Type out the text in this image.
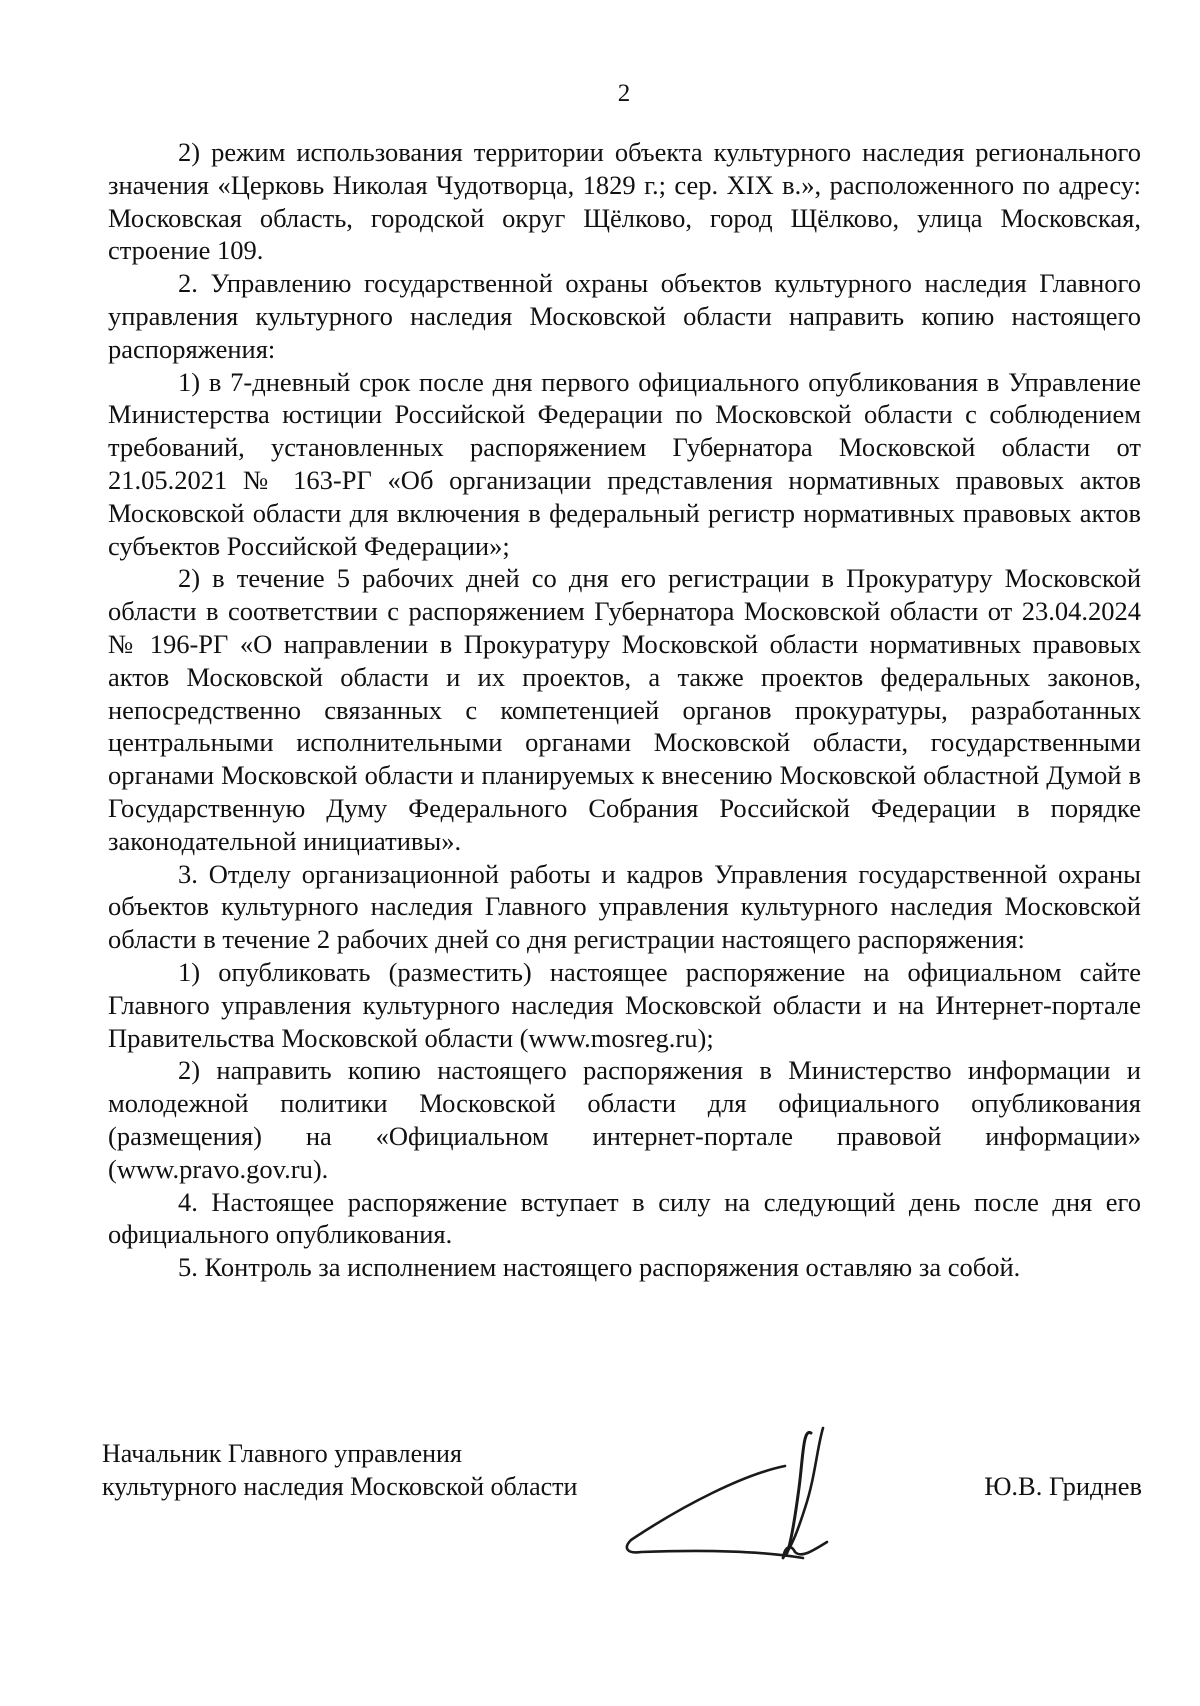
2

2) режим использования территории объекта культурного наследия регионального значения «Церковь Николая Чудотворца, 1829 г.; сер. XIX в.», расположенного по адресу: Московская область, городской округ Щёлково, город Щёлково, улица Московская, строение 109.

2. Управлению государственной охраны объектов культурного наследия Главного управления культурного наследия Московской области направить копию настоящего распоряжения:

1) в 7-дневный срок после дня первого официального опубликования в Управление Министерства юстиции Российской Федерации по Московской области с соблюдением требований, установленных распоряжением Губернатора Московской области от 21.05.2021 № 163-РГ «Об организации представления нормативных правовых актов Московской области для включения в федеральный регистр нормативных правовых актов субъектов Российской Федерации»;

2) в течение 5 рабочих дней со дня его регистрации в Прокуратуру Московской области в соответствии с распоряжением Губернатора Московской области от 23.04.2024 № 196-РГ «О направлении в Прокуратуру Московской области нормативных правовых актов Московской области и их проектов, а также проектов федеральных законов, непосредственно связанных с компетенцией органов прокуратуры, разработанных центральными исполнительными органами Московской области, государственными органами Московской области и планируемых к внесению Московской областной Думой в Государственную Думу Федерального Собрания Российской Федерации в порядке законодательной инициативы».

3. Отделу организационной работы и кадров Управления государственной охраны объектов культурного наследия Главного управления культурного наследия Московской области в течение 2 рабочих дней со дня регистрации настоящего распоряжения:

1) опубликовать (разместить) настоящее распоряжение на официальном сайте Главного управления культурного наследия Московской области и на Интернет-портале Правительства Московской области (www.mosreg.ru);

2) направить копию настоящего распоряжения в Министерство информации и молодежной политики Московской области для официального опубликования (размещения) на «Официальном интернет-портале правовой информации» (www.pravo.gov.ru).

4. Настоящее распоряжение вступает в силу на следующий день после дня его официального опубликования.

5. Контроль за исполнением настоящего распоряжения оставляю за собой.

Начальник Главного управления
культурного наследия Московской области	Ю.В. Гриднев
